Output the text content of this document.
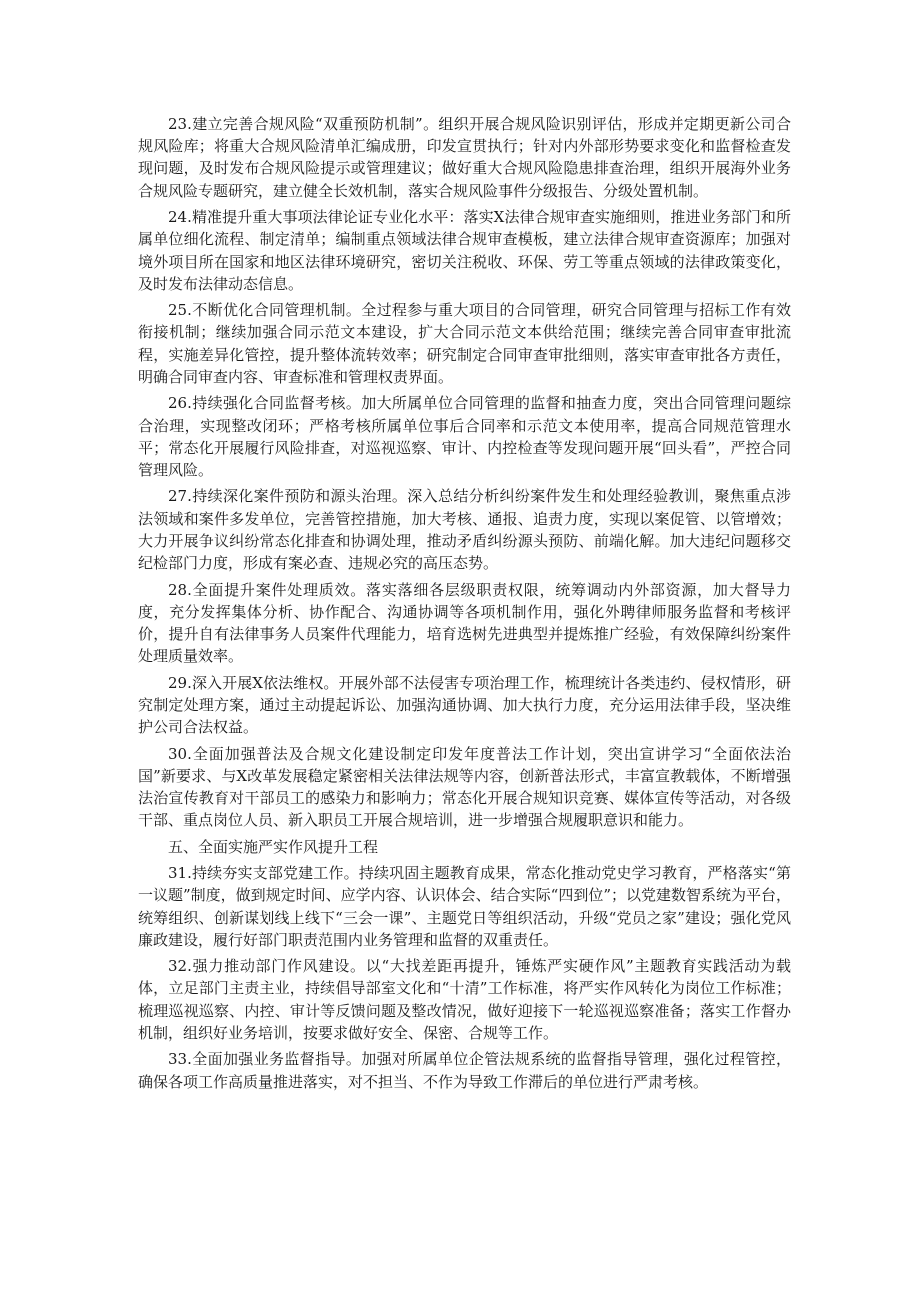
23.建立完善合规风险“双重预防机制”。组织开展合规风险识别评估，形成并定期更新公司合规风险库；将重大合规风险清单汇编成册，印发宣贯执行；针对内外部形势要求变化和监督检查发现问题，及时发布合规风险提示或管理建议；做好重大合规风险隐患排查治理，组织开展海外业务合规风险专题研究，建立健全长效机制，落实合规风险事件分级报告、分级处置机制。

24.精准提升重大事项法律论证专业化水平：落实X法律合规审查实施细则，推进业务部门和所属单位细化流程、制定清单；编制重点领域法律合规审查模板，建立法律合规审查资源库；加强对境外项目所在国家和地区法律环境研究，密切关注税收、环保、劳工等重点领域的法律政策变化，及时发布法律动态信息。

25.不断优化合同管理机制。全过程参与重大项目的合同管理，研究合同管理与招标工作有效衔接机制；继续加强合同示范文本建设，扩大合同示范文本供给范围；继续完善合同审查审批流程，实施差异化管控，提升整体流转效率；研究制定合同审查审批细则，落实审查审批各方责任，明确合同审查内容、审查标准和管理权责界面。

26.持续强化合同监督考核。加大所属单位合同管理的监督和抽查力度，突出合同管理问题综合治理，实现整改闭环；严格考核所属单位事后合同率和示范文本使用率，提高合同规范管理水平；常态化开展履行风险排查，对巡视巡察、审计、内控检查等发现问题开展“回头看”，严控合同管理风险。

27.持续深化案件预防和源头治理。深入总结分析纠纷案件发生和处理经验教训，聚焦重点涉法领域和案件多发单位，完善管控措施，加大考核、通报、追责力度，实现以案促管、以管增效；大力开展争议纠纷常态化排查和协调处理，推动矛盾纠纷源头预防、前端化解。加大违纪问题移交纪检部门力度，形成有案必查、违规必究的高压态势。

28.全面提升案件处理质效。落实落细各层级职责权限，统筹调动内外部资源，加大督导力度，充分发挥集体分析、协作配合、沟通协调等各项机制作用，强化外聘律师服务监督和考核评价，提升自有法律事务人员案件代理能力，培育选树先进典型并提炼推广经验，有效保障纠纷案件处理质量效率。

29.深入开展X依法维权。开展外部不法侵害专项治理工作，梳理统计各类违约、侵权情形，研究制定处理方案，通过主动提起诉讼、加强沟通协调、加大执行力度，充分运用法律手段，坚决维护公司合法权益。

30.全面加强普法及合规文化建设制定印发年度普法工作计划，突出宣讲学习“全面依法治国”新要求、与X改革发展稳定紧密相关法律法规等内容，创新普法形式，丰富宣教载体，不断增强法治宣传教育对干部员工的感染力和影响力；常态化开展合规知识竞赛、媒体宣传等活动，对各级干部、重点岗位人员、新入职员工开展合规培训，进一步增强合规履职意识和能力。

五、全面实施严实作风提升工程

31.持续夯实支部党建工作。持续巩固主题教育成果，常态化推动党史学习教育，严格落实“第一议题”制度，做到规定时间、应学内容、认识体会、结合实际“四到位”；以党建数智系统为平台，统筹组织、创新谋划线上线下“三会一课”、主题党日等组织活动，升级“党员之家”建设；强化党风廉政建设，履行好部门职责范围内业务管理和监督的双重责任。

32.强力推动部门作风建设。以“大找差距再提升，锤炼严实硬作风”主题教育实践活动为载体，立足部门主责主业，持续倡导部室文化和“十清”工作标准，将严实作风转化为岗位工作标准；梳理巡视巡察、内控、审计等反馈问题及整改情况，做好迎接下一轮巡视巡察准备；落实工作督办机制，组织好业务培训，按要求做好安全、保密、合规等工作。

33.全面加强业务监督指导。加强对所属单位企管法规系统的监督指导管理，强化过程管控，确保各项工作高质量推进落实，对不担当、不作为导致工作滞后的单位进行严肃考核。
